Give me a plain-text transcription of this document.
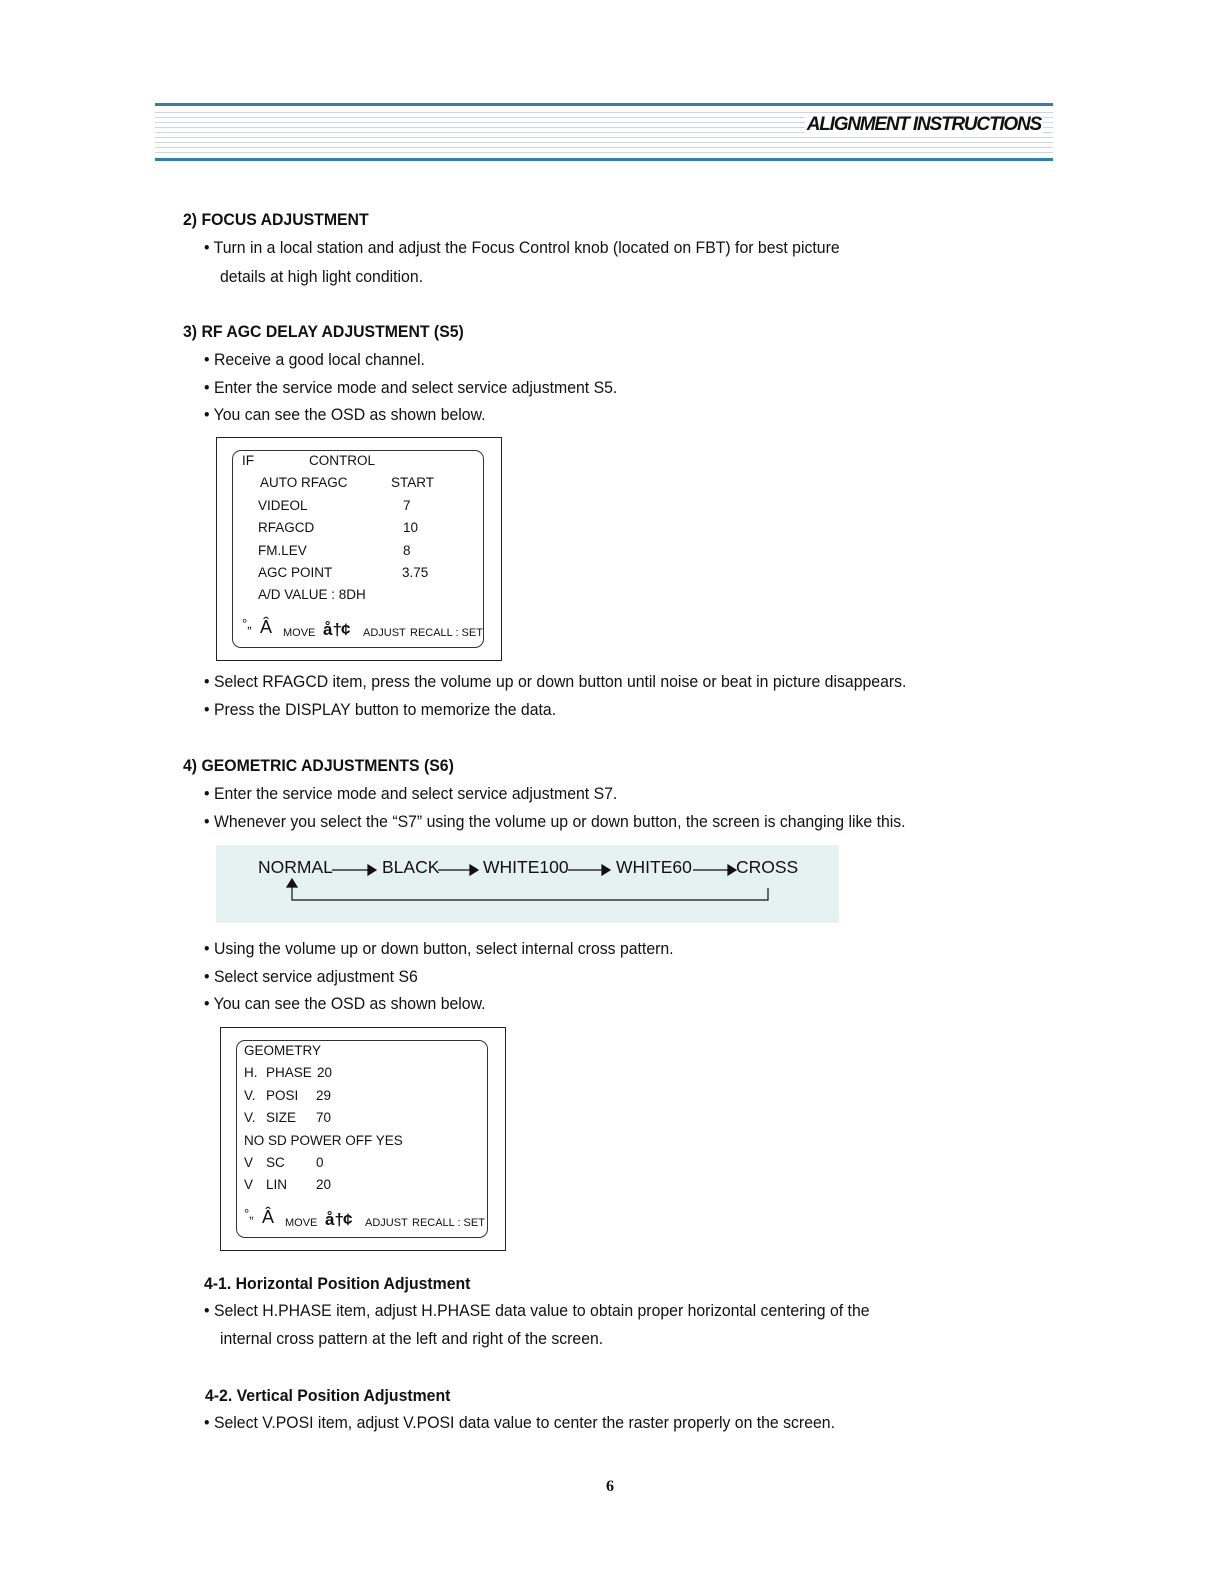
ALIGNMENT INSTRUCTIONS
2) FOCUS ADJUSTMENT
• Turn in a local station and adjust the Focus Control knob (located on FBT) for best picture
details at high light condition.
3) RF AGC DELAY ADJUSTMENT (S5)
• Receive a good local channel.
• Enter the service mode and select service adjustment S5.
• You can see the OSD as shown below.
IF	CONTROL
AUTO RFAGC	START
VIDEOL	7
RFAGCD	10
FM.LEV	8
AGC POINT	3.75
A/D VALUE : 8DH
°„ Â MOVE å† ¢ ADJUST RECALL : SET
• Select RFAGCD item, press the volume up or down button until noise or beat in picture disappears.
• Press the DISPLAY button to memorize the data.
4) GEOMETRIC ADJUSTMENTS (S6)
• Enter the service mode and select service adjustment S7.
• Whenever you select the “S7” using the volume up or down button, the screen is changing like this.
NORMAL	BLACK WHITE100	WHITE60	CROSS
• Using the volume up or down button, select internal cross pattern.
• Select service adjustment S6
• You can see the OSD as shown below.
GEOMETRY
H. PHASE 20
V. POSI 29
V. SIZE 70
NO SD POWER OFF YES
V SC 0
V LIN 20
°„ Â MOVE å† ¢ ADJUST RECALL : SET
4-1. Horizontal Position Adjustment
• Select H.PHASE item, adjust H.PHASE data value to obtain proper horizontal centering of the
internal cross pattern at the left and right of the screen.
4-2. Vertical Position Adjustment
• Select V.POSI item, adjust V.POSI data value to center the raster properly on the screen.
6
